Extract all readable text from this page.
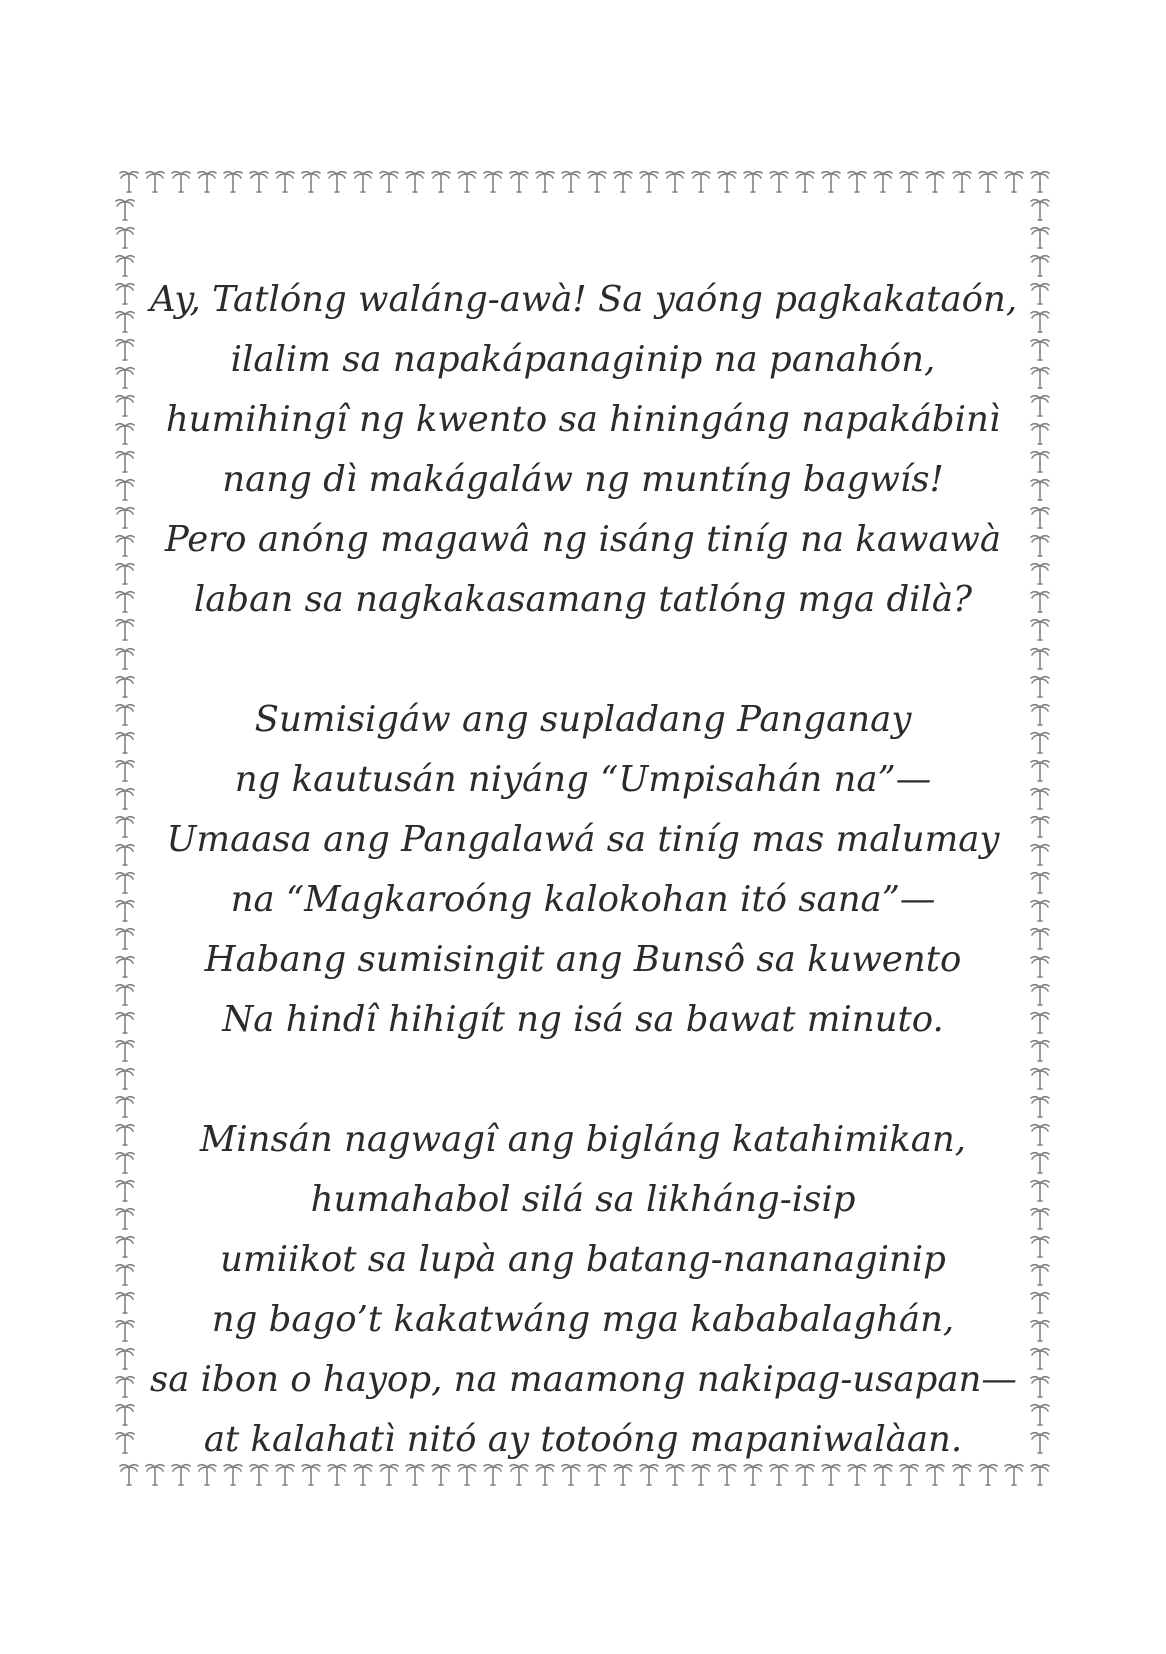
Ay, Tatlóng waláng-awà! Sa yaóng pagkakataón,
ilalim sa napakápanaginip na panahón,
humihingî ng kwento sa hiningáng napakábinì
nang dì makágaláw ng muntíng bagwís!
Pero anóng magawâ ng isáng tiníg na kawawà
laban sa nagkakasamang tatlóng mga dilà?
Sumisigáw ang supladang Panganay
ng kautusán niyáng “Umpisahán na”—
Umaasa ang Pangalawá sa tiníg mas malumay
na “Magkaroóng kalokohan itó sana”—
Habang sumisingit ang Bunsô sa kuwento
Na hindî hihigít ng isá sa bawat minuto.
Minsán nagwagî ang bigláng katahimikan,
humahabol silá sa likháng-isip
umiikot sa lupà ang batang-nananaginip
ng bago’t kakatwáng mga kababalaghán,
sa ibon o hayop, na maamong nakipag-usapan—
at kalahatì nitó ay totoóng mapaniwalàan.
